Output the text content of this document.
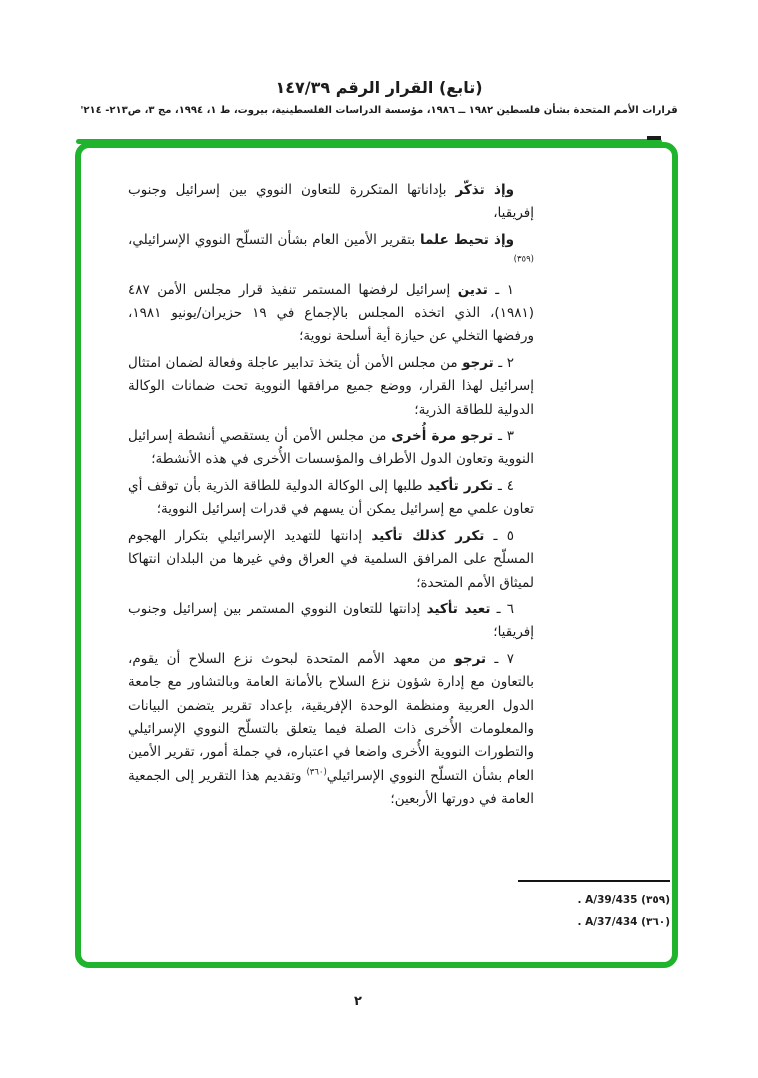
(تابع) القرار الرقم ١٤٧/٣٩
قرارات الأمم المتحدة بشأن فلسطين ١٩٨٢ ــ ١٩٨٦، مؤسسة الدراسات الفلسطينية، بيروت، ط ١، ١٩٩٤، مج ٣، ص٢١٣- ٢١٤'

وإذ تذكّر بإداناتها المتكررة للتعاون النووي بين إسرائيل وجنوب إفريقيا،

وإذ تحيط علما بتقرير الأمين العام بشأن التسلّح النووي الإسرائيلي،$^{(٣٥٩)}$

١ ـ تدين إسرائيل لرفضها المستمر تنفيذ قرار مجلس الأمن ٤٨٧ (١٩٨١)، الذي اتخذه المجلس بالإجماع في ١٩ حزيران/يونيو ١٩٨١، ورفضها التخلي عن حيازة أية أسلحة نووية؛

٢ ـ ترجو من مجلس الأمن أن يتخذ تدابير عاجلة وفعالة لضمان امتثال إسرائيل لهذا القرار، ووضع جميع مرافقها النووية تحت ضمانات الوكالة الدولية للطاقة الذرية؛

٣ ـ ترجو مرة أُخرى من مجلس الأمن أن يستقصي أنشطة إسرائيل النووية وتعاون الدول الأطراف والمؤسسات الأُخرى في هذه الأنشطة؛

٤ ـ تكرر تأكيد طلبها إلى الوكالة الدولية للطاقة الذرية بأن توقف أي تعاون علمي مع إسرائيل يمكن أن يسهم في قدرات إسرائيل النووية؛

٥ ـ تكرر كذلك تأكيد إدانتها للتهديد الإسرائيلي بتكرار الهجوم المسلّح على المرافق السلمية في العراق وفي غيرها من البلدان انتهاكا لميثاق الأمم المتحدة؛

٦ ـ تعيد تأكيد إدانتها للتعاون النووي المستمر بين إسرائيل وجنوب إفريقيا؛

٧ ـ ترجو من معهد الأمم المتحدة لبحوث نزع السلاح أن يقوم، بالتعاون مع إدارة شؤون نزع السلاح بالأمانة العامة وبالتشاور مع جامعة الدول العربية ومنظمة الوحدة الإفريقية، بإعداد تقرير يتضمن البيانات والمعلومات الأُخرى ذات الصلة فيما يتعلق بالتسلّح النووي الإسرائيلي والتطورات النووية الأُخرى واضعا في اعتباره، في جملة أمور، تقرير الأمين العام بشأن التسلّح النووي الإسرائيلي$^{(٣٦٠)}$ وتقديم هذا التقرير إلى الجمعية العامة في دورتها الأربعين؛

(٣٥٩) A/39/435 .
(٣٦٠) A/37/434 .
٢
